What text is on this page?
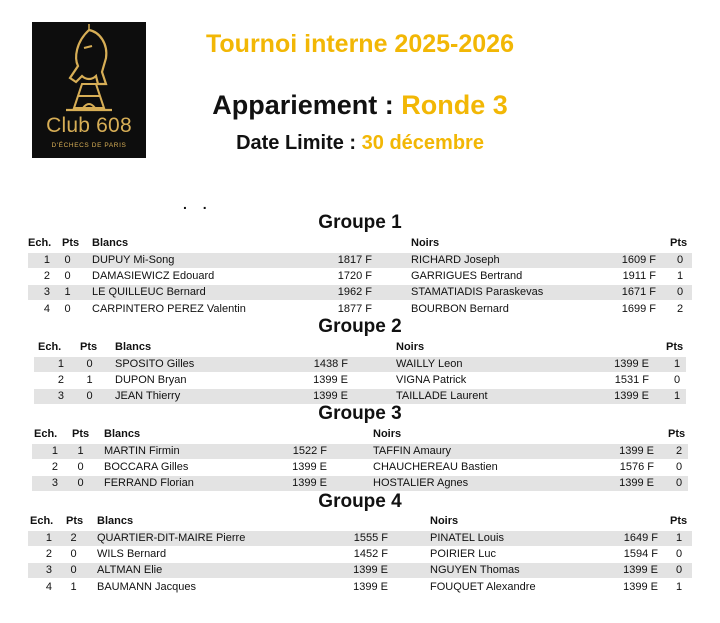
Club 608
D'ÉCHECS DE PARIS
Tournoi interne 2025-2026
Appariement : Ronde 3
Date Limite : 30 décembre
. .
Groupe 1
Ech. Pts Blancs	Noirs	Pts
1	0	DUPUY Mi-Song	1817 F	RICHARD Joseph	1609 F	0
2	0	DAMASIEWICZ Edouard	1720 F	GARRIGUES Bertrand	1911 F	1
3	1	LE QUILLEUC Bernard	1962 F	STAMATIADIS Paraskevas	1671 F	0
4	0	CARPINTERO PEREZ Valentin	1877 F	BOURBON Bernard	1699 F	2
Groupe 2
Ech. Pts Blancs	Noirs	Pts
1	0	SPOSITO Gilles	1438 F	WAILLY Leon	1399 E	1
2	1	DUPON Bryan	1399 E	VIGNA Patrick	1531 F	0
3	0	JEAN Thierry	1399 E	TAILLADE Laurent	1399 E	1
Groupe 3
Ech. Pts Blancs	Noirs	Pts
1	1	MARTIN Firmin	1522 F	TAFFIN Amaury	1399 E	2
2	0	BOCCARA Gilles	1399 E	CHAUCHEREAU Bastien	1576 F	0
3	0	FERRAND Florian	1399 E	HOSTALIER Agnes	1399 E	0
Groupe 4
Ech. Pts Blancs	Noirs	Pts
1	2	QUARTIER-DIT-MAIRE Pierre	1555 F	PINATEL Louis	1649 F	1
2	0	WILS Bernard	1452 F	POIRIER Luc	1594 F	0
3	0	ALTMAN Elie	1399 E	NGUYEN Thomas	1399 E	0
4	1	BAUMANN Jacques	1399 E	FOUQUET Alexandre	1399 E	1
